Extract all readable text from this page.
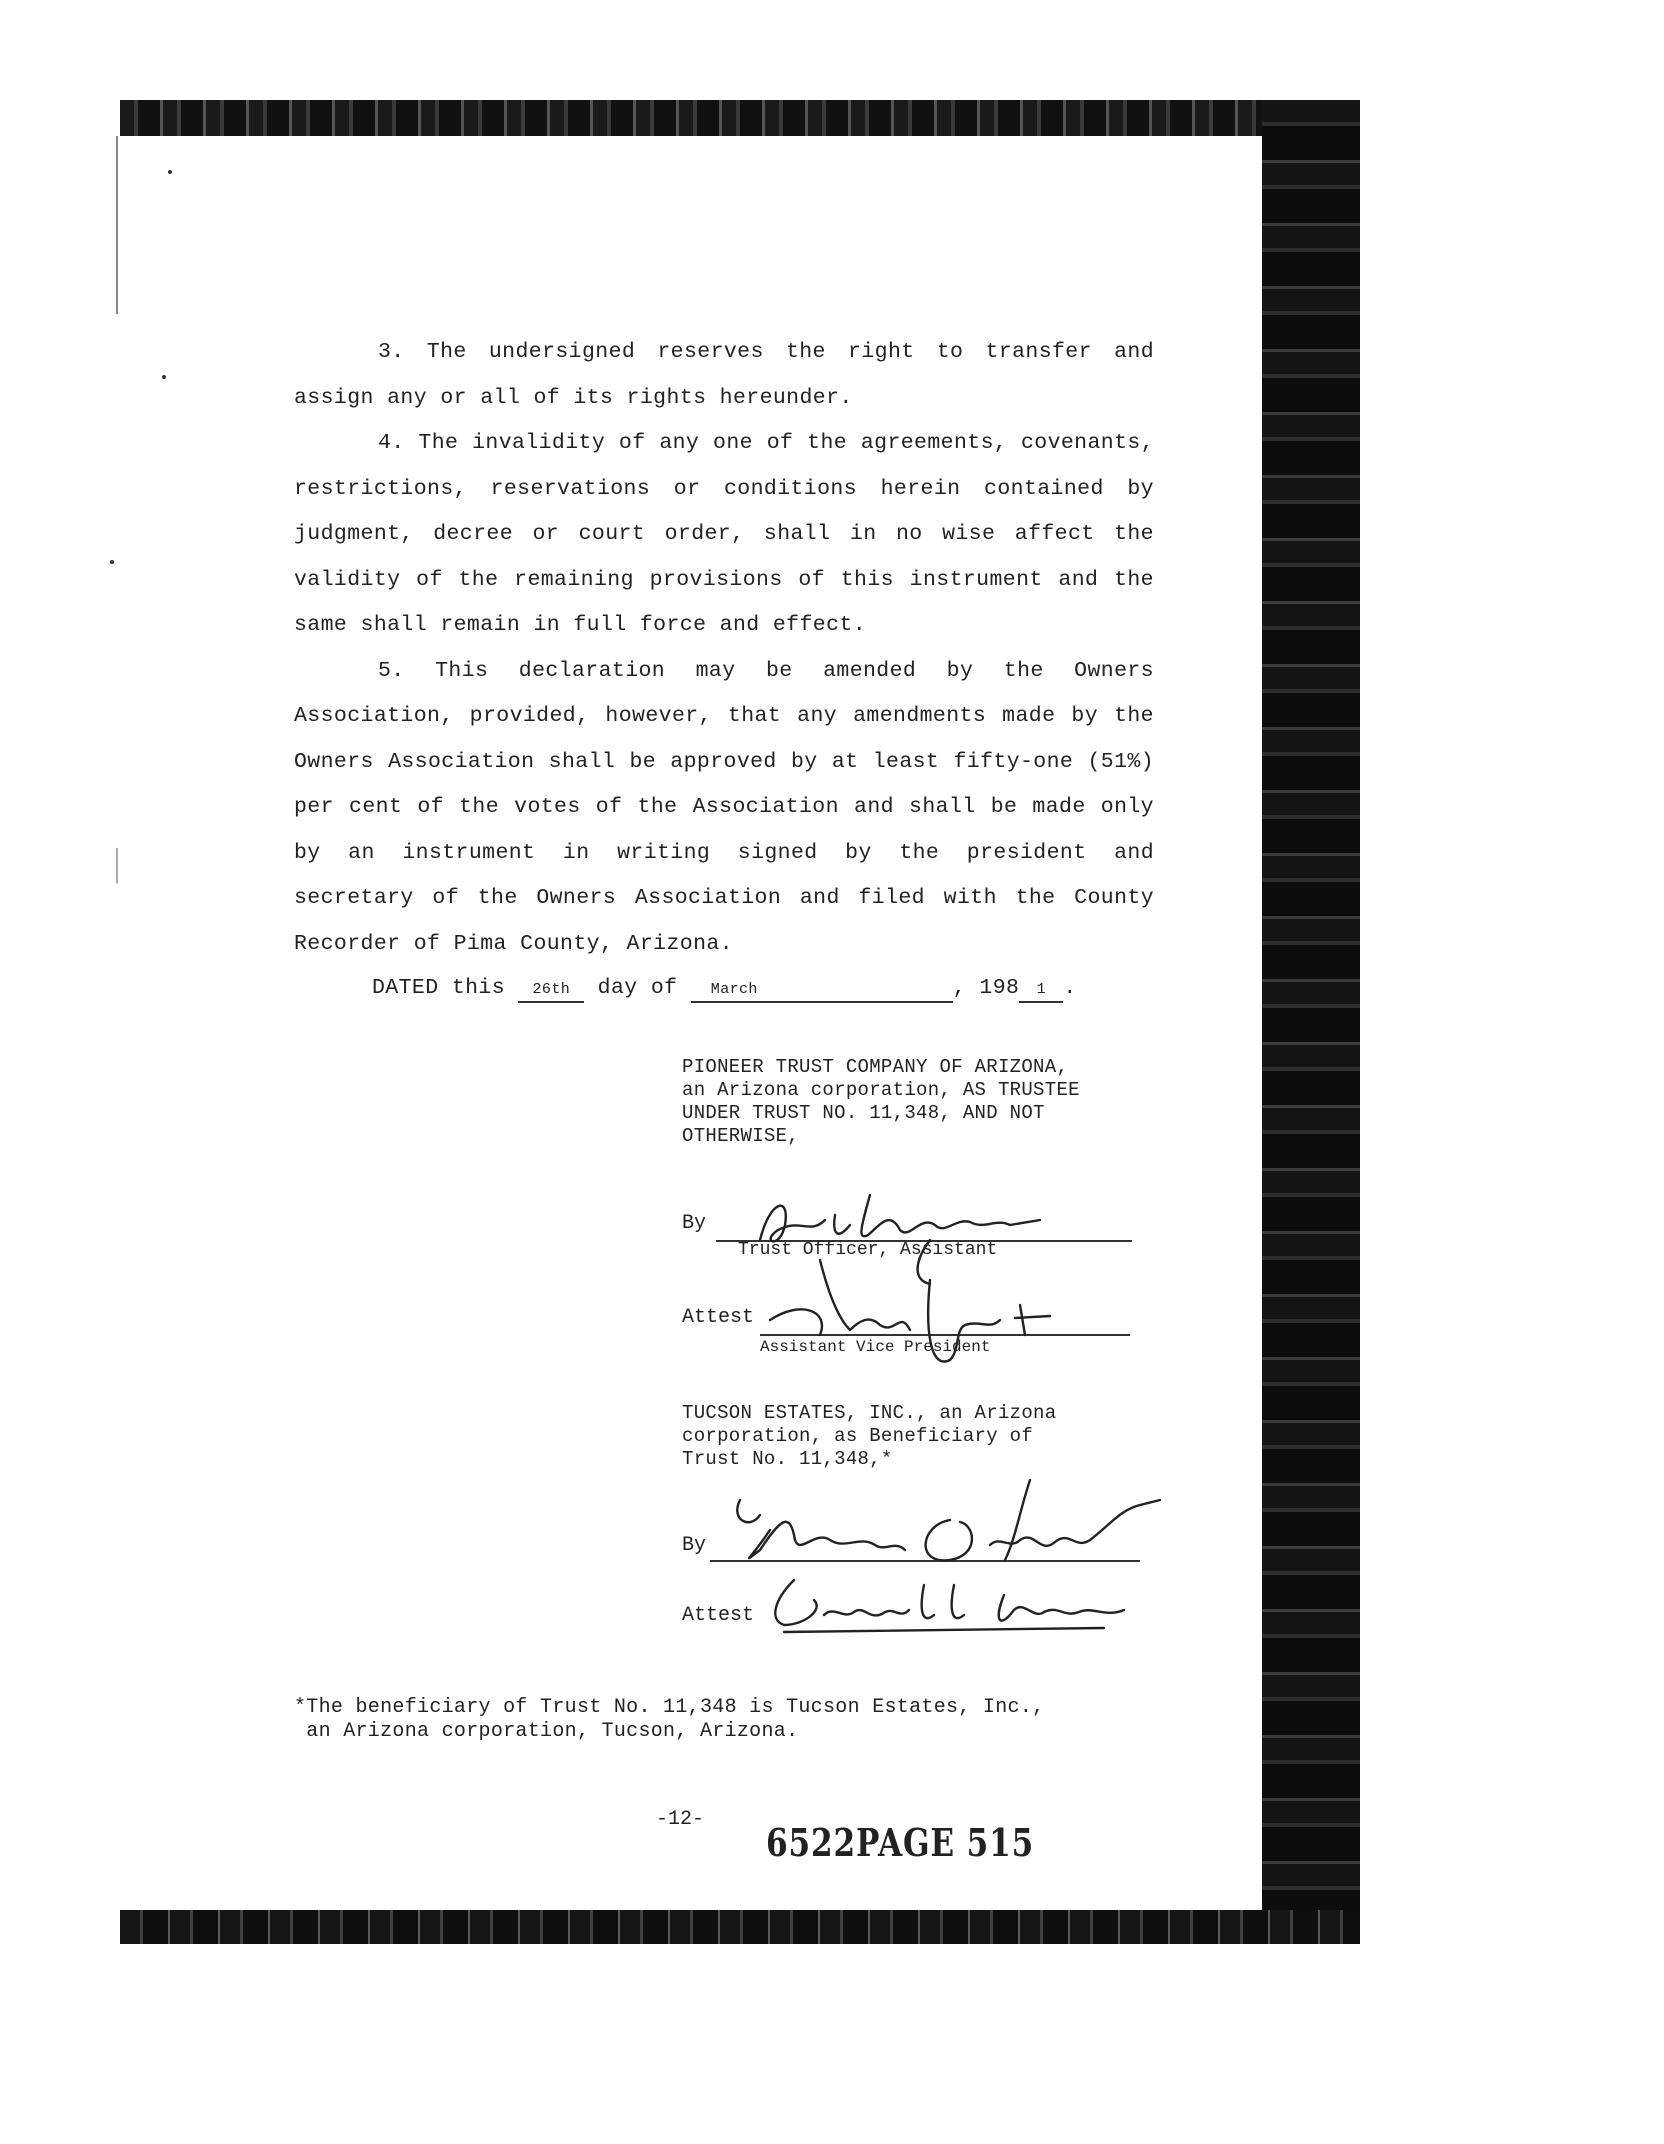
3. The undersigned reserves the right to transfer and assign any or all of its rights hereunder.

4. The invalidity of any one of the agreements, covenants, restrictions, reservations or conditions herein contained by judgment, decree or court order, shall in no wise affect the validity of the remaining provisions of this instrument and the same shall remain in full force and effect.

5. This declaration may be amended by the Owners Association, provided, however, that any amendments made by the Owners Association shall be approved by at least fifty-one (51%) per cent of the votes of the Association and shall be made only by an instrument in writing signed by the president and secretary of the Owners Association and filed with the County Recorder of Pima County, Arizona.

DATED this 26th day of March	, 198 1 .
PIONEER TRUST COMPANY OF ARIZONA,
an Arizona corporation, AS TRUSTEE
UNDER TRUST NO. 11,348, AND NOT
OTHERWISE,
By
Trust Officer, Assistant
Attest
Assistant Vice President
TUCSON ESTATES, INC., an Arizona
corporation, as Beneficiary of
Trust No. 11,348,*
By
Attest
*The beneficiary of Trust No. 11,348 is Tucson Estates, Inc.,
an Arizona corporation, Tucson, Arizona.
-12-
6522PAGE 515
